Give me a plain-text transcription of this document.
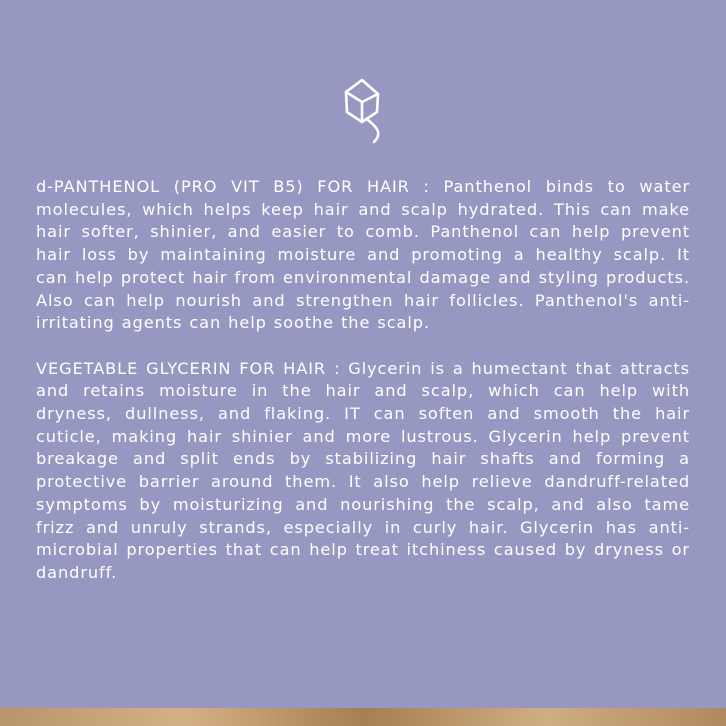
d-PANTHENOL (PRO VIT B5) FOR HAIR : Panthenol binds to water molecules, which helps keep hair and scalp hydrated. This can make hair softer, shinier, and easier to comb. Panthenol can help prevent hair loss by maintaining moisture and promoting a healthy scalp. It can help protect hair from environmental damage and styling products. Also can help nourish and strengthen hair follicles. Panthenol's anti-irritating agents can help soothe the scalp.

VEGETABLE GLYCERIN FOR HAIR : Glycerin is a humectant that attracts and retains moisture in the hair and scalp, which can help with dryness, dullness, and flaking. IT can soften and smooth the hair cuticle, making hair shinier and more lustrous. Glycerin help prevent breakage and split ends by stabilizing hair shafts and forming a protective barrier around them. It also help relieve dandruff-related symptoms by moisturizing and nourishing the scalp, and also tame frizz and unruly strands, especially in curly hair. Glycerin has anti-microbial properties that can help treat itchiness caused by dryness or dandruff.
